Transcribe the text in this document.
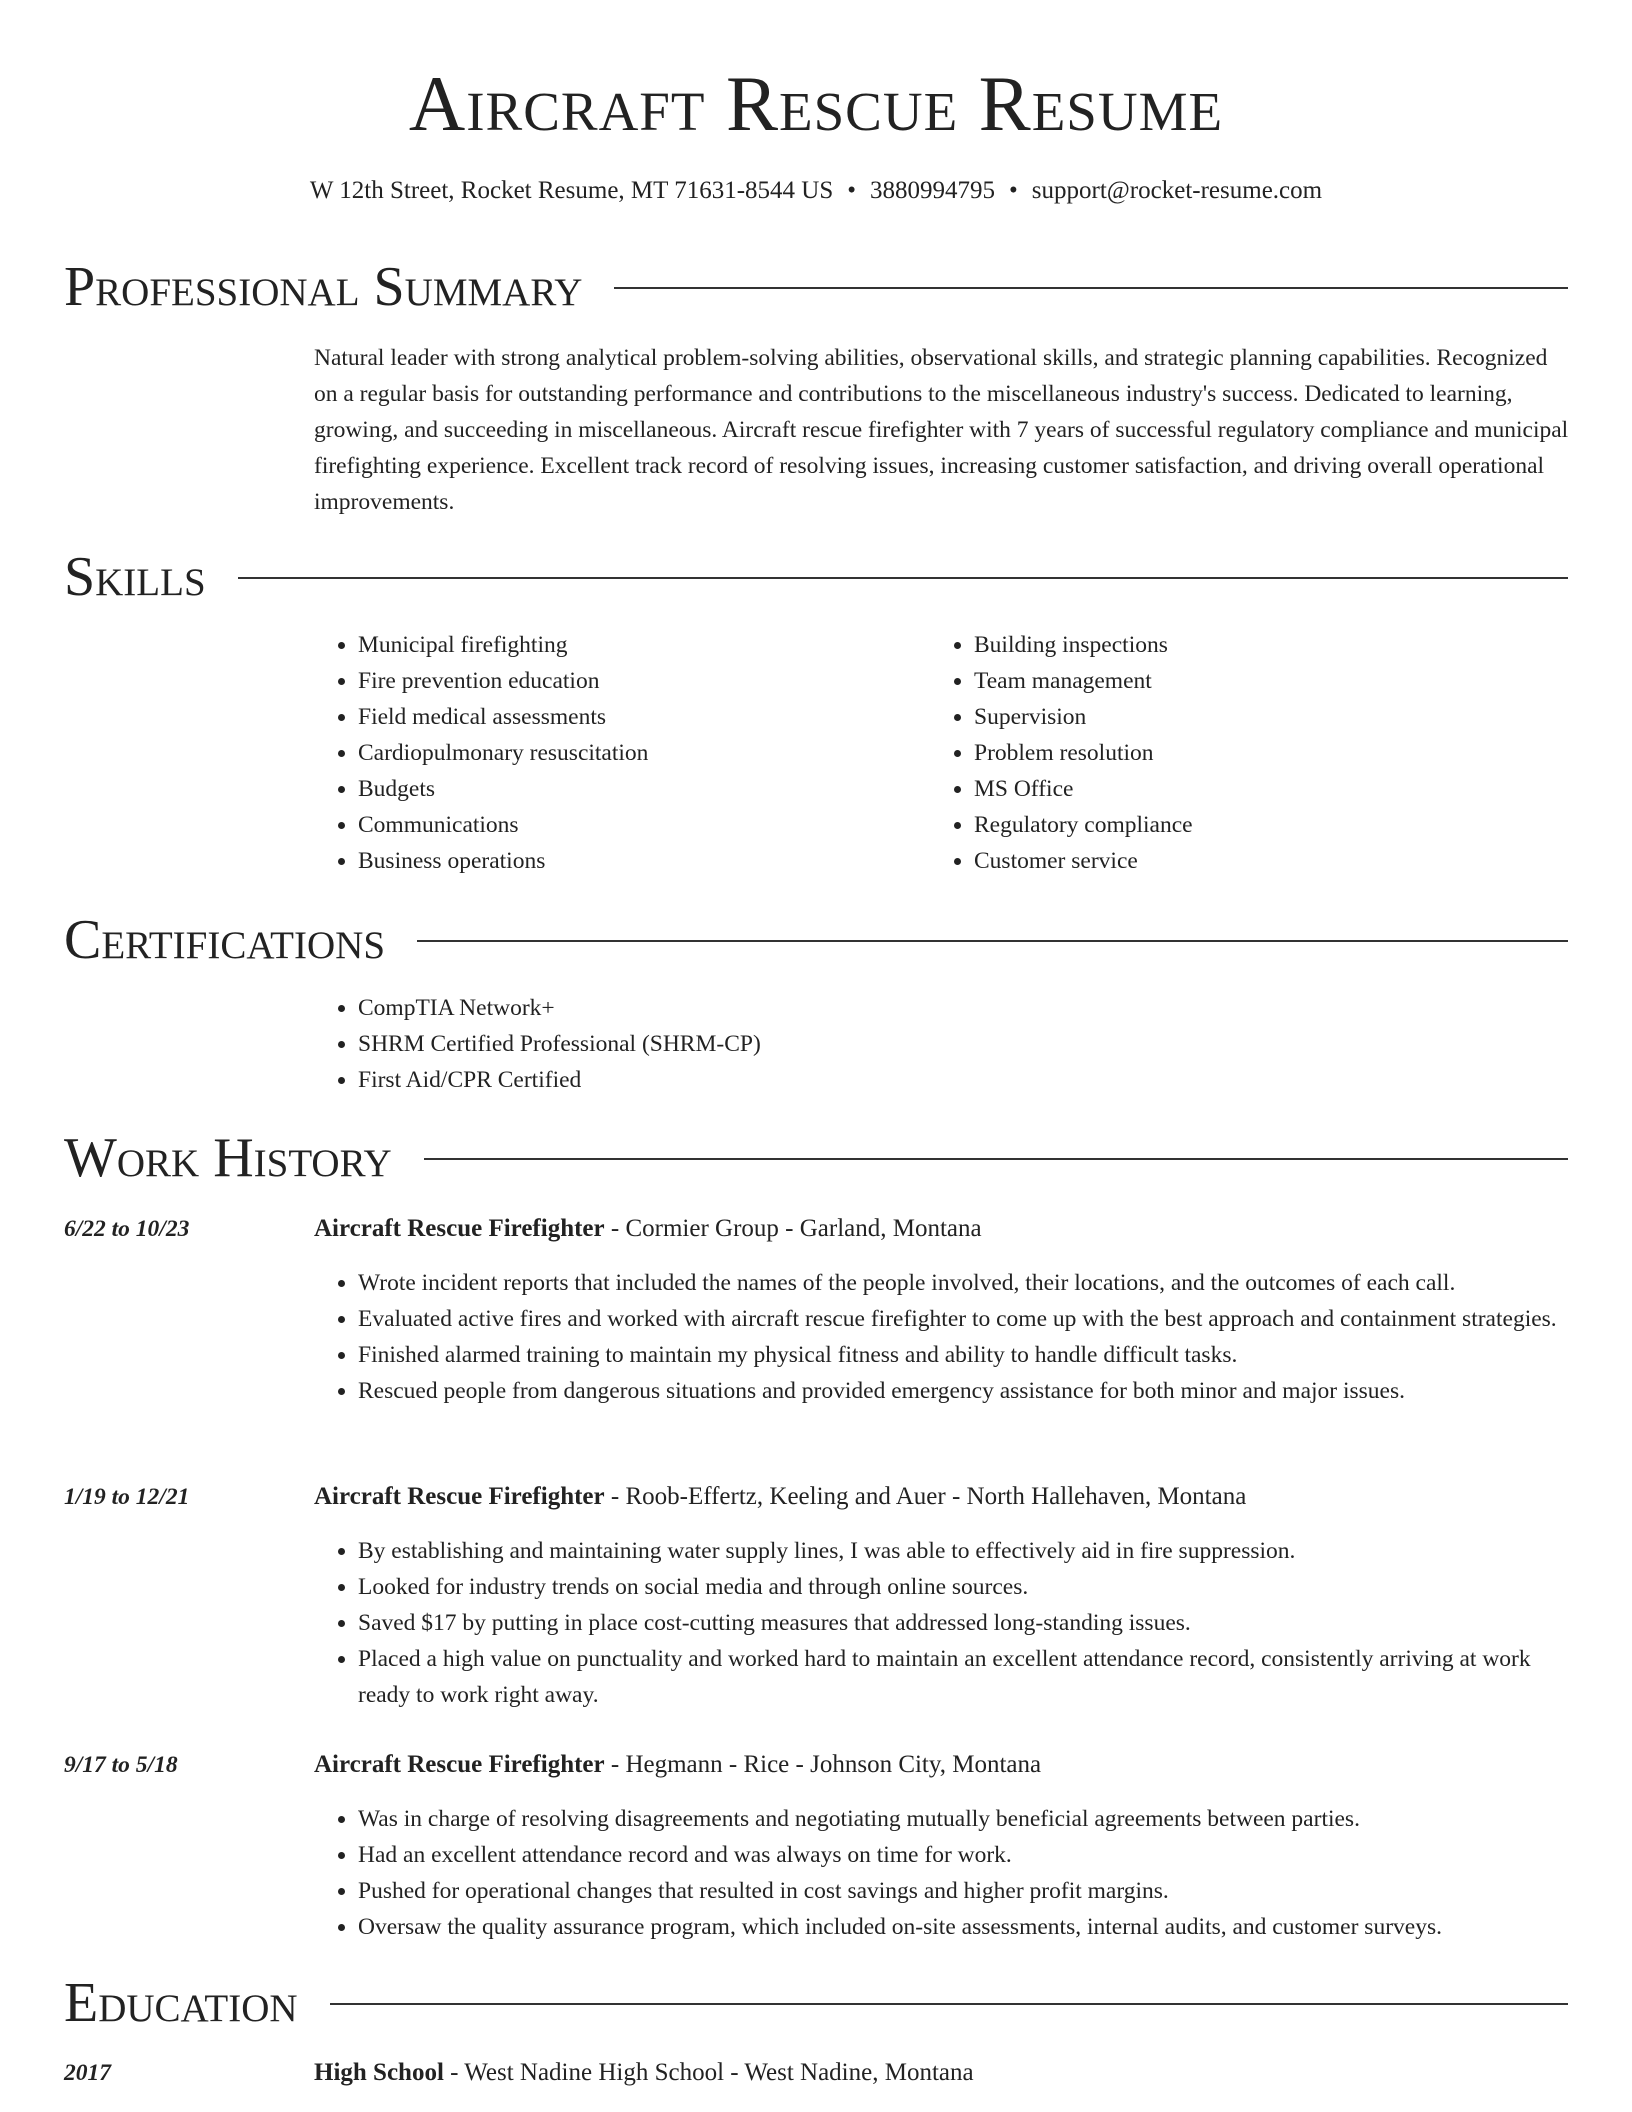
Aircraft Rescue Resume
W 12th Street, Rocket Resume, MT 71631-8544 US • 3880994795 • support@rocket-resume.com
Professional Summary
Natural leader with strong analytical problem-solving abilities, observational skills, and strategic planning capabilities. Recognized on a regular basis for outstanding performance and contributions to the miscellaneous industry's success. Dedicated to learning, growing, and succeeding in miscellaneous. Aircraft rescue firefighter with 7 years of successful regulatory compliance and municipal firefighting experience. Excellent track record of resolving issues, increasing customer satisfaction, and driving overall operational improvements.
Skills
• Municipal firefighting
• Fire prevention education
• Field medical assessments
• Cardiopulmonary resuscitation
• Budgets
• Communications
• Business operations
• Building inspections
• Team management
• Supervision
• Problem resolution
• MS Office
• Regulatory compliance
• Customer service
Certifications
• CompTIA Network+
• SHRM Certified Professional (SHRM-CP)
• First Aid/CPR Certified
Work History
6/22 to 10/23	Aircraft Rescue Firefighter - Cormier Group - Garland, Montana
• Wrote incident reports that included the names of the people involved, their locations, and the outcomes of each call.
• Evaluated active fires and worked with aircraft rescue firefighter to come up with the best approach and containment strategies.
• Finished alarmed training to maintain my physical fitness and ability to handle difficult tasks.
• Rescued people from dangerous situations and provided emergency assistance for both minor and major issues.
1/19 to 12/21	Aircraft Rescue Firefighter - Roob-Effertz, Keeling and Auer - North Hallehaven, Montana
• By establishing and maintaining water supply lines, I was able to effectively aid in fire suppression.
• Looked for industry trends on social media and through online sources.
• Saved $17 by putting in place cost-cutting measures that addressed long-standing issues.
• Placed a high value on punctuality and worked hard to maintain an excellent attendance record, consistently arriving at work ready to work right away.
9/17 to 5/18	Aircraft Rescue Firefighter - Hegmann - Rice - Johnson City, Montana
• Was in charge of resolving disagreements and negotiating mutually beneficial agreements between parties.
• Had an excellent attendance record and was always on time for work.
• Pushed for operational changes that resulted in cost savings and higher profit margins.
• Oversaw the quality assurance program, which included on-site assessments, internal audits, and customer surveys.
Education
2017	High School - West Nadine High School - West Nadine, Montana
